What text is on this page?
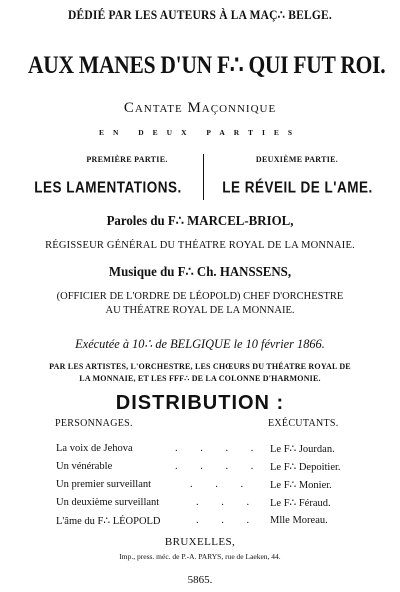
DÉDIÉ PAR LES AUTEURS À LA MAÇ∴ BELGE.
AUX MANES D'UN F∴ QUI FUT ROI.
Cantate Maçonnique
EN DEUX PARTIES
PREMIÈRE PARTIE.	DEUXIÈME PARTIE.
LES LAMENTATIONS.	LE RÉVEIL DE L'AME.
Paroles du F∴ MARCEL-BRIOL,
RÉGISSEUR GÉNÉRAL DU THÉATRE ROYAL DE LA MONNAIE.
Musique du F∴ Ch. HANSSENS,
(OFFICIER DE L'ORDRE DE LÉOPOLD) CHEF D'ORCHESTRE
AU THÉATRE ROYAL DE LA MONNAIE.
Exécutée à 10∴ de BELGIQUE le 10 février 1866.
PAR LES ARTISTES, L'ORCHESTRE, LES CHŒURS DU THÉATRE ROYAL DE
LA MONNAIE, ET LES FFF∴ DE LA COLONNE D'HARMONIE.
DISTRIBUTION :
PERSONNAGES.	EXÉCUTANTS.
La voix de Jehova	. . . . Le F∴ Jourdan.
Un vénérable	. . . . Le F∴ Depoitier.
Un premier surveillant	. . . Le F∴ Monier.
Un deuxième surveillant	. . . Le F∴ Féraud.
L'âme du F∴ LÉOPOLD	. . . Mlle Moreau.
BRUXELLES,
Imp., press. méc. de P.-A. PARYS, rue de Laeken, 44.
5865.
